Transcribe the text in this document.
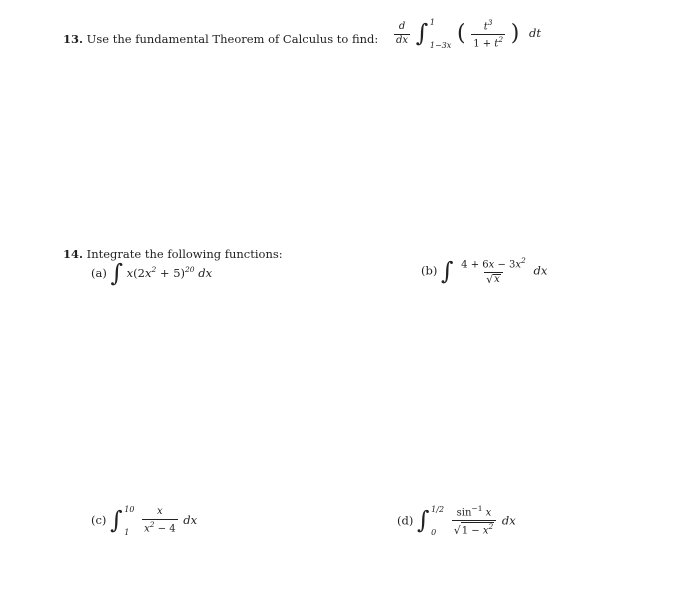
13. Use the fundamental Theorem of Calculus to find: $\frac{d}{dx}$ ∫ 1
1−3x ( $\frac{t^3}{1 + t^2}$ ) dt
14. Integrate the following functions:
(a) ∫ $x(2x^2 + 5)^{20}$ dx	(b) ∫ $\frac{4 + 6x - 3x^2}{√ x}$ dx
(c) ∫ 10
1
	$\frac{x}{x^2 - 4}$ dx	(d) ∫ 1/2
0
	$\frac{\sin^{-1} x}{√ 1 - x^2}$ dx
